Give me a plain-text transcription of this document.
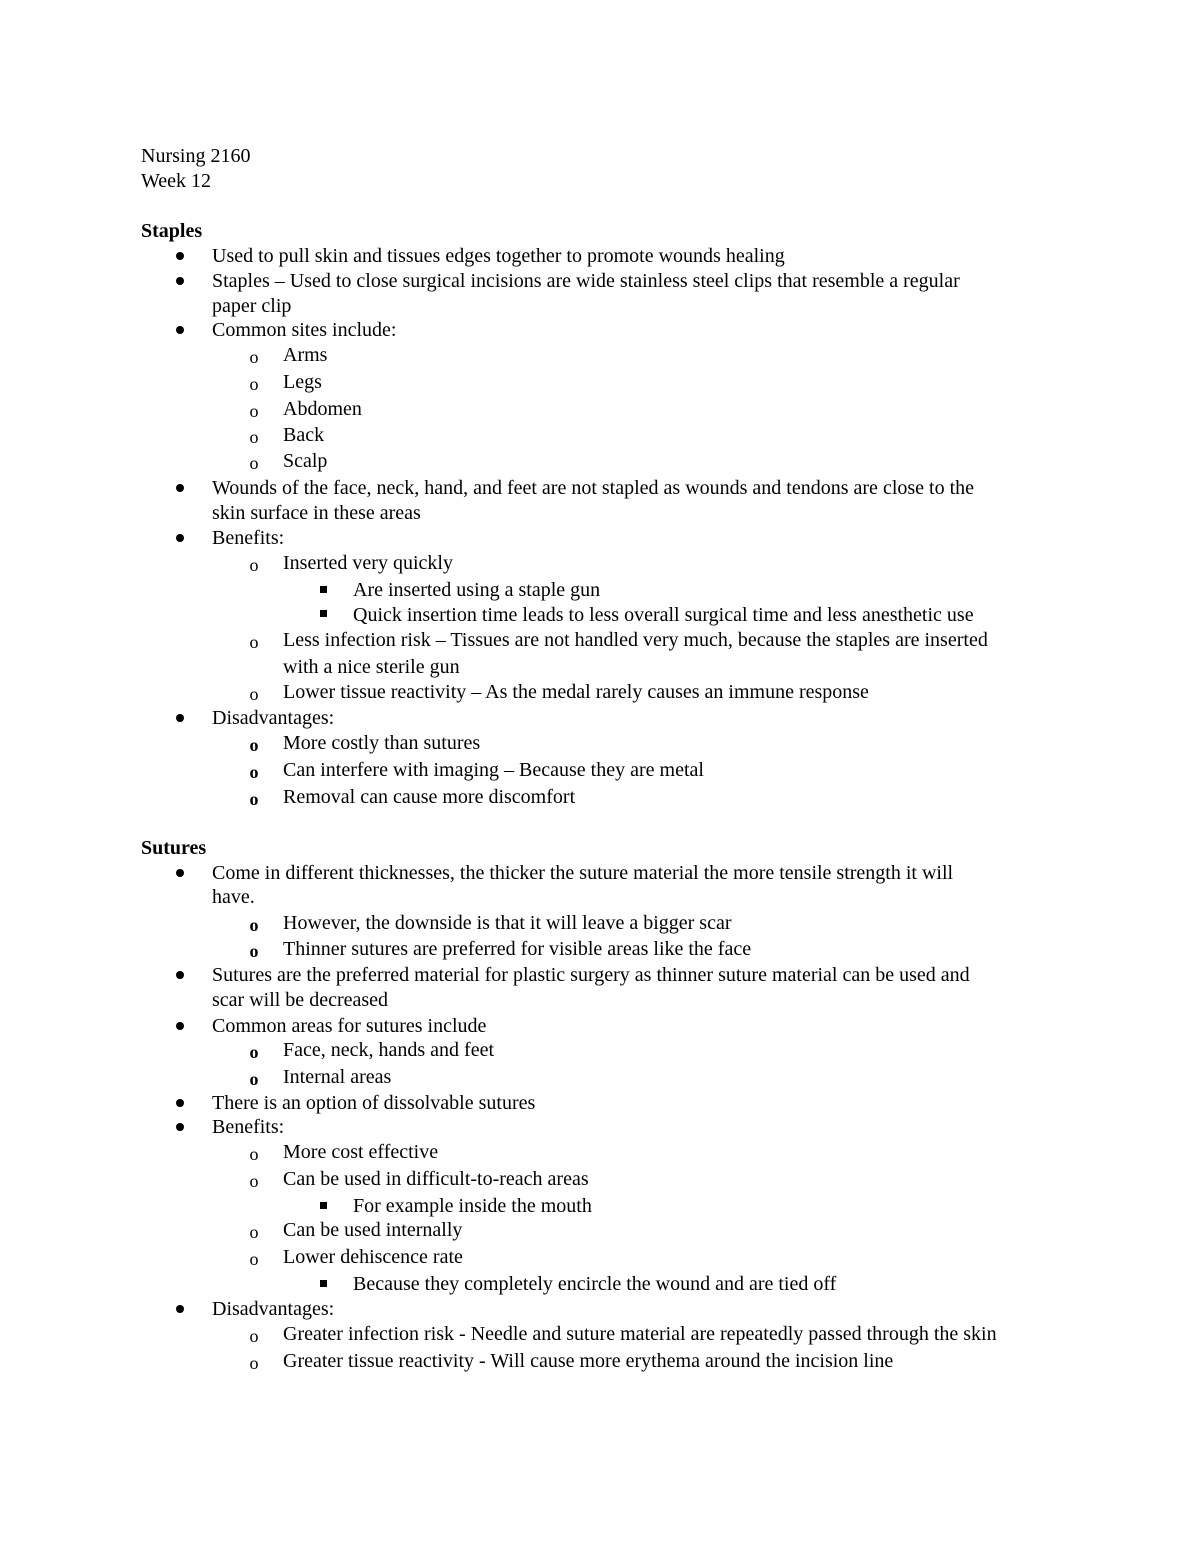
Nursing 2160
Week 12
Staples
Used to pull skin and tissues edges together to promote wounds healing
Staples – Used to close surgical incisions are wide stainless steel clips that resemble a regular
paper clip
Common sites include:
o Arms
o Legs
o Abdomen
o Back
o Scalp
Wounds of the face, neck, hand, and feet are not stapled as wounds and tendons are close to the
skin surface in these areas
Benefits:
o Inserted very quickly
Are inserted using a staple gun
Quick insertion time leads to less overall surgical time and less anesthetic use
o Less infection risk – Tissues are not handled very much, because the staples are inserted
with a nice sterile gun
o Lower tissue reactivity – As the medal rarely causes an immune response
Disadvantages:
o More costly than sutures
o Can interfere with imaging – Because they are metal
o Removal can cause more discomfort
Sutures
Come in different thicknesses, the thicker the suture material the more tensile strength it will
have.
o However, the downside is that it will leave a bigger scar
o Thinner sutures are preferred for visible areas like the face
Sutures are the preferred material for plastic surgery as thinner suture material can be used and
scar will be decreased
Common areas for sutures include
o Face, neck, hands and feet
o Internal areas
There is an option of dissolvable sutures
Benefits:
o More cost effective
o Can be used in difficult-to-reach areas
For example inside the mouth
o Can be used internally
o Lower dehiscence rate
Because they completely encircle the wound and are tied off
Disadvantages:
o Greater infection risk - Needle and suture material are repeatedly passed through the skin
o Greater tissue reactivity - Will cause more erythema around the incision line
